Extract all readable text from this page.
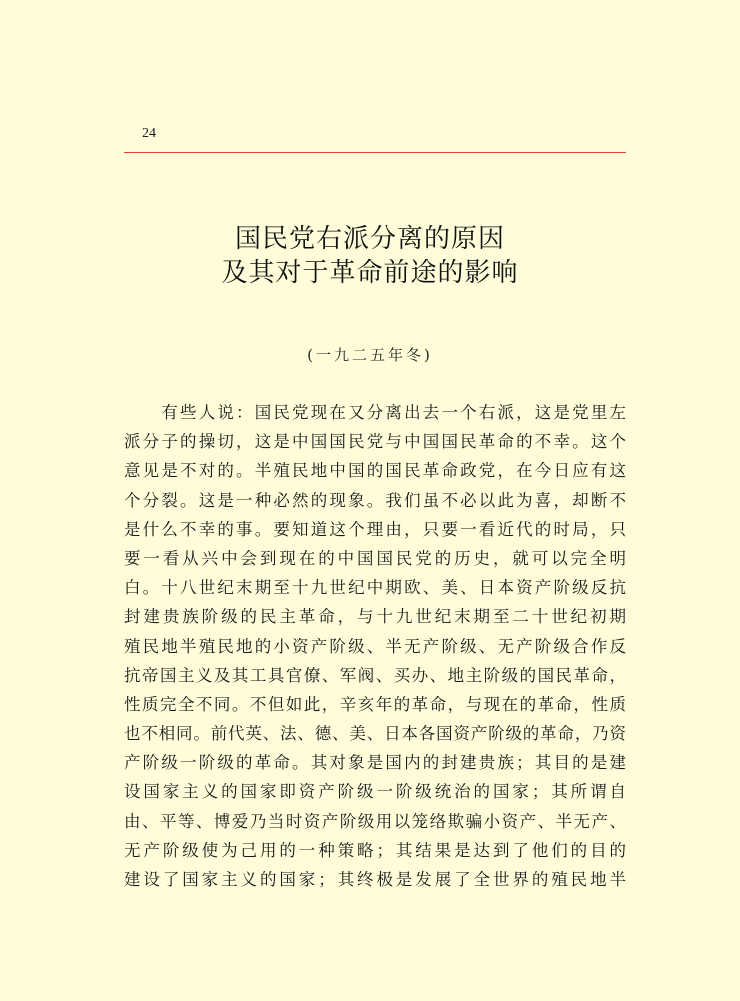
24
国民党右派分离的原因
及其对于革命前途的影响
(一九二五年冬)
　　有些人说：国民党现在又分离出去一个右派，这是党里左
派分子的操切，这是中国国民党与中国国民革命的不幸。这个
意见是不对的。半殖民地中国的国民革命政党，在今日应有这
个分裂。这是一种必然的现象。我们虽不必以此为喜，却断不
是什么不幸的事。要知道这个理由，只要一看近代的时局，只
要一看从兴中会到现在的中国国民党的历史，就可以完全明
白。十八世纪末期至十九世纪中期欧、美、日本资产阶级反抗
封建贵族阶级的民主革命，与十九世纪末期至二十世纪初期
殖民地半殖民地的小资产阶级、半无产阶级、无产阶级合作反
抗帝国主义及其工具官僚、军阀、买办、地主阶级的国民革命，
性质完全不同。不但如此，辛亥年的革命，与现在的革命，性质
也不相同。前代英、法、德、美、日本各国资产阶级的革命，乃资
产阶级一阶级的革命。其对象是国内的封建贵族；其目的是建
设国家主义的国家即资产阶级一阶级统治的国家；其所谓自
由、平等、博爱乃当时资产阶级用以笼络欺骗小资产、半无产、
无产阶级使为己用的一种策略；其结果是达到了他们的目的
建设了国家主义的国家；其终极是发展了全世界的殖民地半
